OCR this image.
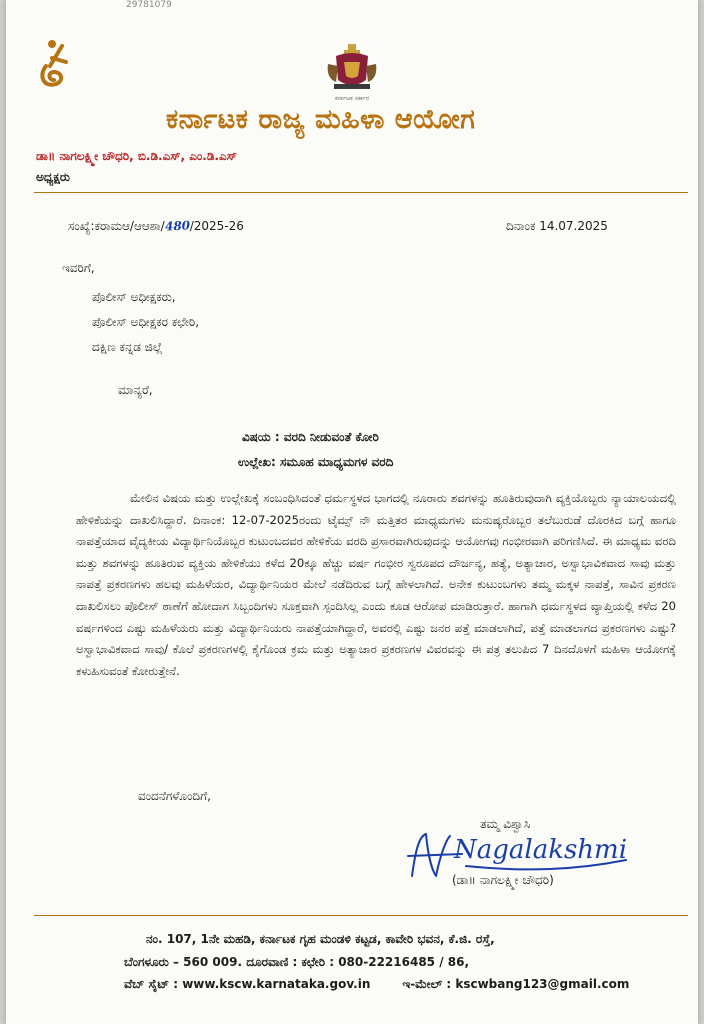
29781079
ಕರ್ನಾಟಕ ಸರ್ಕಾರ
ಕರ್ನಾಟಕ ರಾಜ್ಯ ಮಹಿಳಾ ಆಯೋಗ
ಡಾ॥ ನಾಗಲಕ್ಷ್ಮೀ ಚೌಧರಿ, ಬಿ.ಡಿ.ಎಸ್, ಎಂ.ಡಿ.ಎಸ್
ಅಧ್ಯಕ್ಷರು
ಸಂಖ್ಯೆ:ಕರಾಮಆ/ಆಆಶಾ/480/2025-26	ದಿನಾಂಕ 14.07.2025
ಇವರಿಗೆ,
ಪೊಲೀಸ್ ಅಧೀಕ್ಷಕರು,
ಪೊಲೀಸ್ ಅಧೀಕ್ಷಕರ ಕಛೇರಿ,
ದಕ್ಷಿಣ ಕನ್ನಡ ಜಿಲ್ಲೆ
ಮಾನ್ಯರೆ,
ವಿಷಯ : ವರದಿ ನೀಡುವಂತೆ ಕೋರಿ
ಉಲ್ಲೇಖ: ಸಮೂಹ ಮಾಧ್ಯಮಗಳ ವರದಿ
ಮೇಲಿನ ವಿಷಯ ಮತ್ತು ಉಲ್ಲೇಖಕ್ಕೆ ಸಂಬಂಧಿಸಿದಂತೆ ಧರ್ಮಸ್ಥಳದ ಭಾಗದಲ್ಲಿ ನೂರಾರು ಶವಗಳನ್ನು ಹೂತಿರುವುದಾಗಿ ವ್ಯಕ್ತಿಯೊಬ್ಬರು ನ್ಯಾಯಾಲಯದಲ್ಲಿ ಹೇಳಿಕೆಯನ್ನು ದಾಖಲಿಸಿದ್ದಾರೆ. ದಿನಾಂಕ: 12-07-2025ರಂದು ಟೈಮ್ಸ್ ನೌ ಮತ್ತಿತರ ಮಾಧ್ಯಮಗಳು ಮನುಷ್ಯರೊಬ್ಬರ ತಲೆಬುರುಡೆ ದೊರಕಿದ ಬಗ್ಗೆ ಹಾಗೂ ನಾಪತ್ತೆಯಾದ ವೈದ್ಯಕೀಯ ವಿದ್ಯಾರ್ಥಿನಿಯೊಬ್ಬರ ಕುಟುಂಬದವರ ಹೇಳಿಕೆಯ ವರದಿ ಪ್ರಸಾರವಾಗಿರುವುದನ್ನು ಆಯೋಗವು ಗಂಭೀರವಾಗಿ ಪರಿಗಣಿಸಿದೆ. ಈ ಮಾಧ್ಯಮ ವರದಿ ಮತ್ತು ಶವಗಳನ್ನು ಹೂತಿರುವ ವ್ಯಕ್ತಿಯ ಹೇಳಿಕೆಯು ಕಳೆದ 20ಕ್ಕೂ ಹೆಚ್ಚು ವರ್ಷ ಗಂಭೀರ ಸ್ವರೂಪದ ದೌರ್ಜನ್ಯ, ಹತ್ಯೆ, ಅತ್ಯಾಚಾರ, ಅಸ್ವಾಭಾವಿಕವಾದ ಸಾವು ಮತ್ತು ನಾಪತ್ತೆ ಪ್ರಕರಣಗಳು ಹಲವು ಮಹಿಳೆಯರ, ವಿದ್ಯಾರ್ಥಿನಿಯರ ಮೇಲೆ ನಡೆದಿರುವ ಬಗ್ಗೆ ಹೇಳಲಾಗಿದೆ. ಅನೇಕ ಕುಟುಂಬಗಳು ತಮ್ಮ ಮಕ್ಕಳ ನಾಪತ್ತೆ, ಸಾವಿನ ಪ್ರಕರಣ ದಾಖಲಿಸಲು ಪೊಲೀಸ್ ಠಾಣೆಗೆ ಹೋದಾಗ ಸಿಬ್ಬಂದಿಗಳು ಸೂಕ್ತವಾಗಿ ಸ್ಪಂದಿಸಿಲ್ಲ ಎಂದು ಕೂಡ ಆರೋಪ ಮಾಡಿರುತ್ತಾರೆ. ಹಾಗಾಗಿ ಧರ್ಮಸ್ಥಳದ ವ್ಯಾಪ್ತಿಯಲ್ಲಿ ಕಳೆದ 20 ವರ್ಷಗಳಿಂದ ಎಷ್ಟು ಮಹಿಳೆಯರು ಮತ್ತು ವಿದ್ಯಾರ್ಥಿನಿಯರು ನಾಪತ್ತೆಯಾಗಿದ್ದಾರೆ, ಅವರಲ್ಲಿ ಎಷ್ಟು ಜನರ ಪತ್ತೆ ಮಾಡಲಾಗಿದೆ, ಪತ್ತೆ ಮಾಡಲಾಗದ ಪ್ರಕರಣಗಳು ಎಷ್ಟು? ಅಸ್ವಾಭಾವಿಕವಾದ ಸಾವು/ ಕೊಲೆ ಪ್ರಕರಣಗಳಲ್ಲಿ ಕೈಗೊಂಡ ಕ್ರಮ ಮತ್ತು ಅತ್ಯಾಚಾರ ಪ್ರಕರಣಗಳ ವಿವರವನ್ನು ಈ ಪತ್ರ ತಲುಪಿದ 7 ದಿನದೊಳಗೆ ಮಹಿಳಾ ಆಯೋಗಕ್ಕೆ ಕಳುಹಿಸುವಂತೆ ಕೋರುತ್ತೇನೆ.
ವಂದನೆಗಳೊಂದಿಗೆ,
ತಮ್ಮ ವಿಶ್ವಾಸಿ
Nagalakshmi
(ಡಾ॥ ನಾಗಲಕ್ಷ್ಮೀ ಚೌಧರಿ)
ನಂ. 107, 1ನೇ ಮಹಡಿ, ಕರ್ನಾಟಕ ಗೃಹ ಮಂಡಳಿ ಕಟ್ಟಡ, ಕಾವೇರಿ ಭವನ, ಕೆ.ಜಿ. ರಸ್ತೆ,
ಬೆಂಗಳೂರು – 560 009. ದೂರವಾಣಿ : ಕಛೇರಿ : 080-22216485 / 86,
ವೆಬ್ ಸೈಟ್ : www.kscw.karnataka.gov.in	ಇ-ಮೇಲ್ : kscwbang123@gmail.com
